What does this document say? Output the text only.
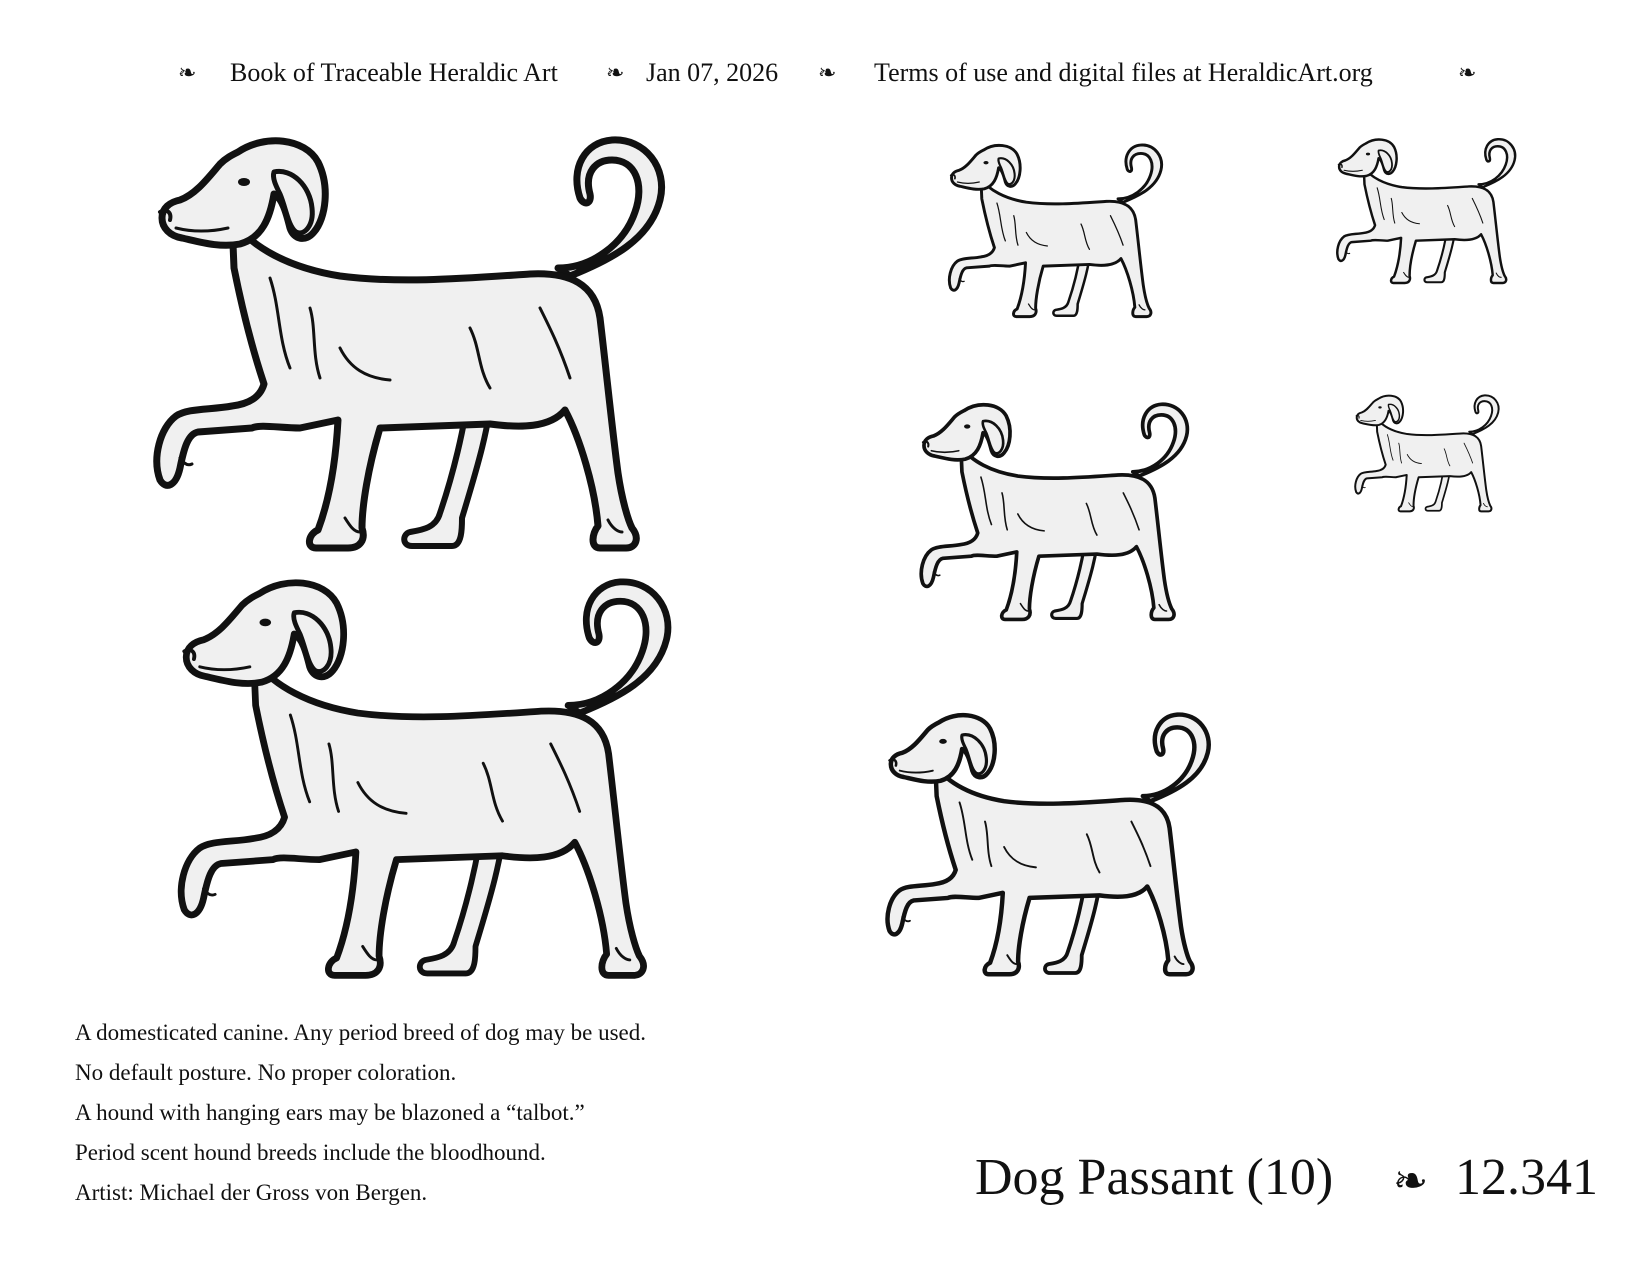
❧ Book of Traceable Heraldic Art ❧ Jan 07, 2026 ❧ Terms of use and digital files at HeraldicArt.org	❧
A domesticated canine. Any period breed of dog may be used.
No default posture. No proper coloration.
A hound with hanging ears may be blazoned a “talbot.”
Period scent hound breeds include the bloodhound.
Artist: Michael der Gross von Bergen.	Dog Passant (10) ❧ 12.341
